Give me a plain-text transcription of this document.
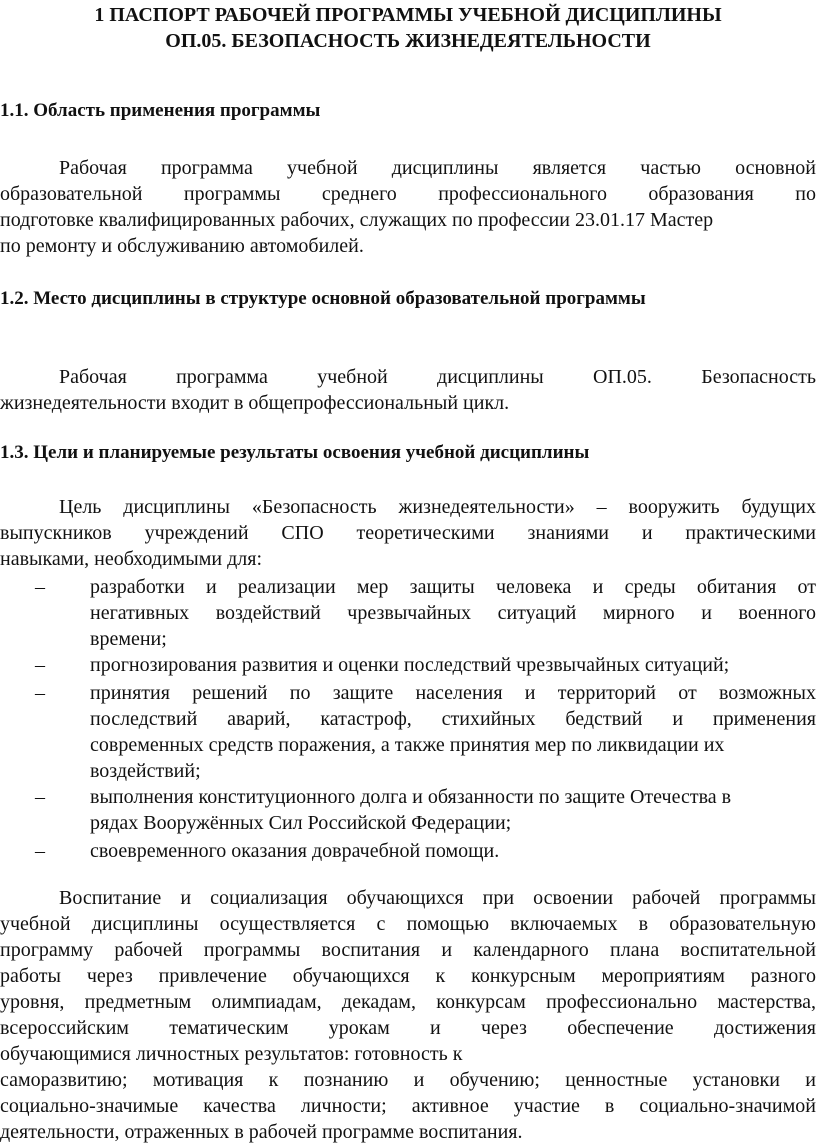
1 ПАСПОРТ РАБОЧЕЙ ПРОГРАММЫ УЧЕБНОЙ ДИСЦИПЛИНЫ
ОП.05. БЕЗОПАСНОСТЬ ЖИЗНЕДЕЯТЕЛЬНОСТИ
1.1. Область применения программы
Рабочая программа учебной дисциплины является частью основной
образовательной программы среднего профессионального образования по
подготовке квалифицированных рабочих, служащих по профессии 23.01.17 Мастер
по ремонту и обслуживанию автомобилей.
1.2. Место дисциплины в структуре основной образовательной программы
Рабочая программа учебной дисциплины ОП.05. Безопасность
жизнедеятельности входит в общепрофессиональный цикл.
1.3. Цели и планируемые результаты освоения учебной дисциплины
Цель дисциплины «Безопасность жизнедеятельности» – вооружить будущих
выпускников учреждений СПО теоретическими знаниями и практическими
навыками, необходимыми для:
– разработки и реализации мер защиты человека и среды обитания от
негативных воздействий чрезвычайных ситуаций мирного и военного
времени;
– прогнозирования развития и оценки последствий чрезвычайных ситуаций;
– принятия решений по защите населения и территорий от возможных
последствий аварий, катастроф, стихийных бедствий и применения
современных средств поражения, а также принятия мер по ликвидации их
воздействий;
– выполнения конституционного долга и обязанности по защите Отечества в
рядах Вооружённых Сил Российской Федерации;
– своевременного оказания доврачебной помощи.
Воспитание и социализация обучающихся при освоении рабочей программы
учебной дисциплины осуществляется с помощью включаемых в образовательную
программу рабочей программы воспитания и календарного плана воспитательной
работы через привлечение обучающихся к конкурсным мероприятиям разного
уровня, предметным олимпиадам, декадам, конкурсам профессионально мастерства,
всероссийским тематическим урокам и через обеспечение достижения
обучающимися личностных результатов: готовность к
саморазвитию; мотивация к познанию и обучению; ценностные установки и
социально-значимые качества личности; активное участие в социально-значимой
деятельности, отраженных в рабочей программе воспитания.
